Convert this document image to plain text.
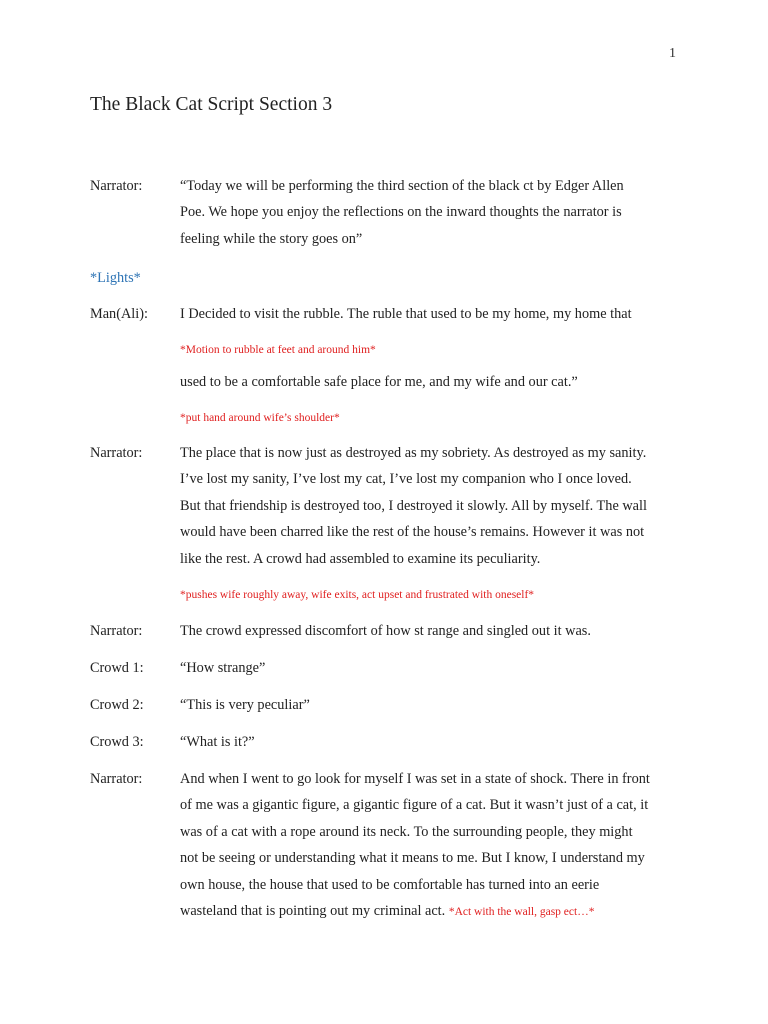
1
The Black Cat Script Section 3
Narrator:	“Today we will be performing the third section of the black ct by Edger Allen
Poe. We hope you enjoy the reflections on the inward thoughts the narrator is
feeling while the story goes on”
*Lights*
Man(Ali): I Decided to visit the rubble. The ruble that used to be my home, my home that
*Motion to rubble at feet and around him*
used to be a comfortable safe place for me, and my wife and our cat.”
*put hand around wife’s shoulder*
Narrator:	The place that is now just as destroyed as my sobriety. As destroyed as my sanity.
I’ve lost my sanity, I’ve lost my cat, I’ve lost my companion who I once loved.
But that friendship is destroyed too, I destroyed it slowly. All by myself. The wall
would have been charred like the rest of the house’s remains. However it was not
like the rest. A crowd had assembled to examine its peculiarity.
*pushes wife roughly away, wife exits, act upset and frustrated with oneself*
Narrator:	The crowd expressed discomfort of how st range and singled out it was.
Crowd 1:	“How strange”
Crowd 2:	“This is very peculiar”
Crowd 3:	“What is it?”
Narrator:	And when I went to go look for myself I was set in a state of shock. There in front
of me was a gigantic figure, a gigantic figure of a cat. But it wasn’t just of a cat, it
was of a cat with a rope around its neck. To the surrounding people, they might
not be seeing or understanding what it means to me. But I know, I understand my
own house, the house that used to be comfortable has turned into an eerie
wasteland that is pointing out my criminal act. *Act with the wall, gasp ect…*
